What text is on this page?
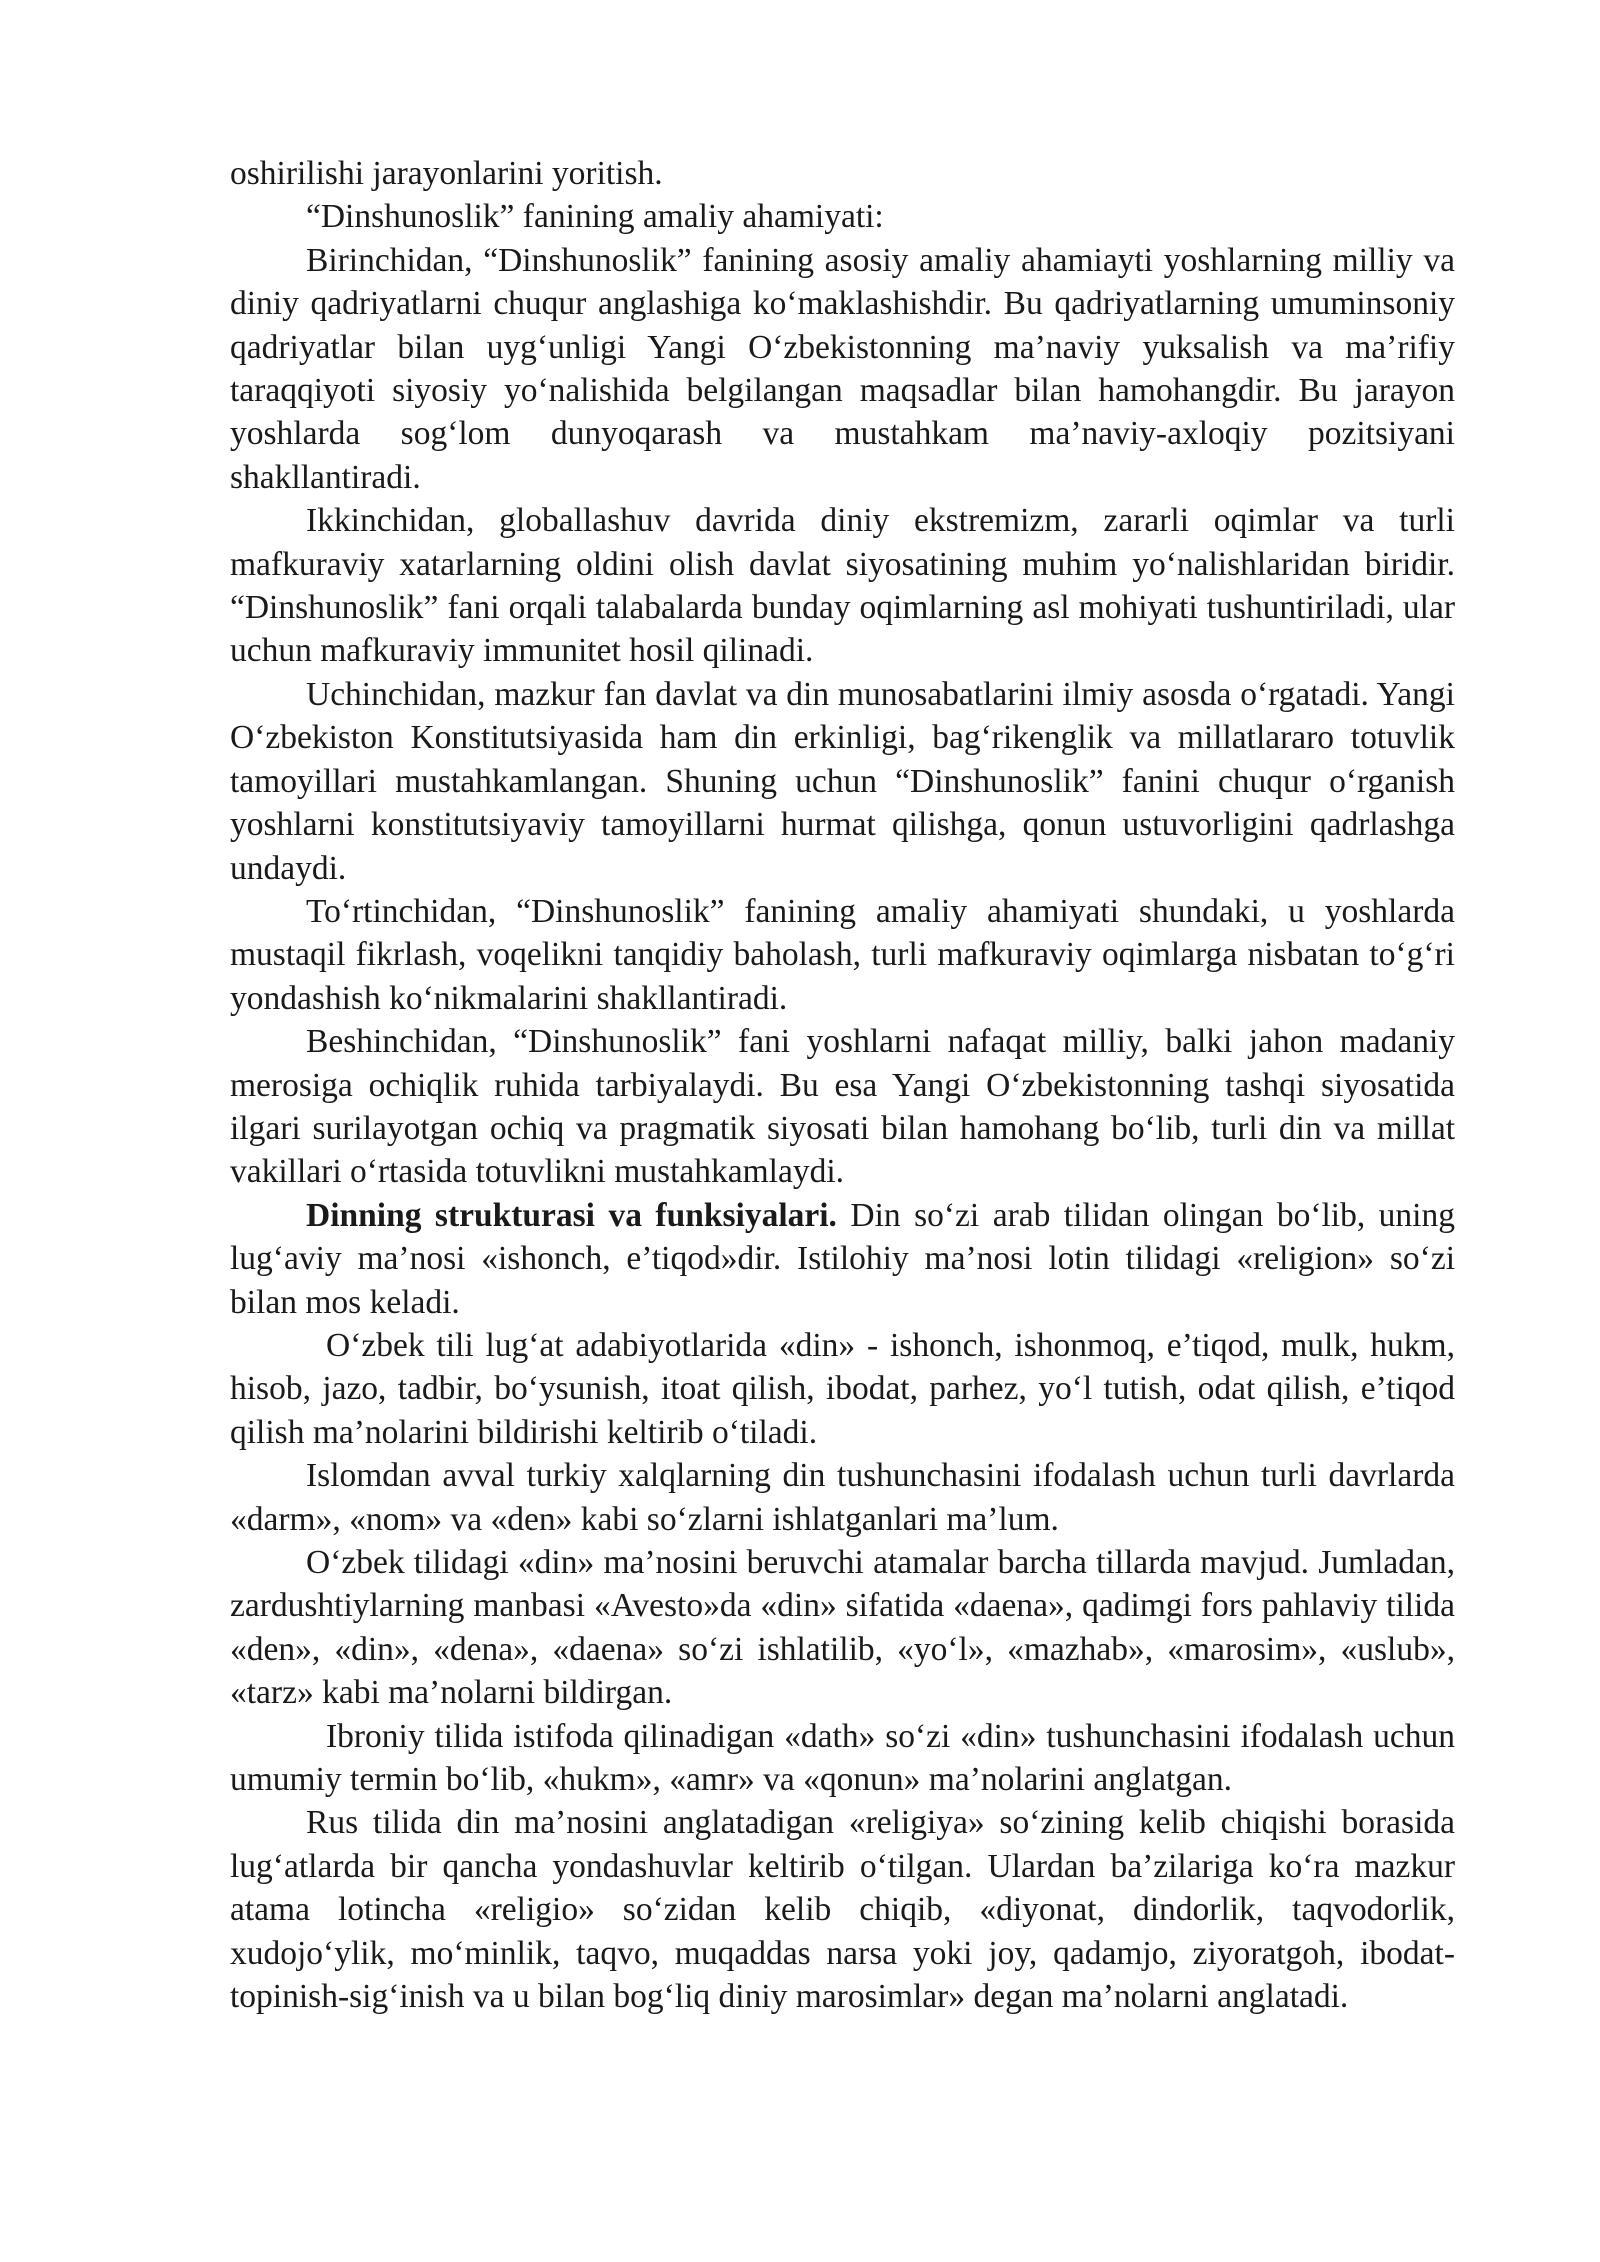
oshirilishi jarayonlarini yoritish.

“Dinshunoslik” fanining amaliy ahamiyati:

Birinchidan, “Dinshunoslik” fanining asosiy amaliy ahamiayti yoshlarning milliy va diniy qadriyatlarni chuqur anglashiga ko‘maklashishdir. Bu qadriyatlarning umuminsoniy qadriyatlar bilan uyg‘unligi Yangi O‘zbekistonning ma’naviy yuksalish va ma’rifiy taraqqiyoti siyosiy yo‘nalishida belgilangan maqsadlar bilan hamohangdir. Bu jarayon yoshlarda sog‘lom dunyoqarash va mustahkam ma’naviy-axloqiy pozitsiyani shakllantiradi.

Ikkinchidan, globallashuv davrida diniy ekstremizm, zararli oqimlar va turli mafkuraviy xatarlarning oldini olish davlat siyosatining muhim yo‘nalishlaridan biridir. “Dinshunoslik” fani orqali talabalarda bunday oqimlarning asl mohiyati tushuntiriladi, ular uchun mafkuraviy immunitet hosil qilinadi.

Uchinchidan, mazkur fan davlat va din munosabatlarini ilmiy asosda o‘rgatadi. Yangi O‘zbekiston Konstitutsiyasida ham din erkinligi, bag‘rikenglik va millatlararo totuvlik tamoyillari mustahkamlangan. Shuning uchun “Dinshunoslik” fanini chuqur o‘rganish yoshlarni konstitutsiyaviy tamoyillarni hurmat qilishga, qonun ustuvorligini qadrlashga undaydi.

To‘rtinchidan, “Dinshunoslik” fanining amaliy ahamiyati shundaki, u yoshlarda mustaqil fikrlash, voqelikni tanqidiy baholash, turli mafkuraviy oqimlarga nisbatan to‘g‘ri yondashish ko‘nikmalarini shakllantiradi.

Beshinchidan, “Dinshunoslik” fani yoshlarni nafaqat milliy, balki jahon madaniy merosiga ochiqlik ruhida tarbiyalaydi. Bu esa Yangi O‘zbekistonning tashqi siyosatida ilgari surilayotgan ochiq va pragmatik siyosati bilan hamohang bo‘lib, turli din va millat vakillari o‘rtasida totuvlikni mustahkamlaydi.

Dinning strukturasi va funksiyalari. Din so‘zi arab tilidan olingan bo‘lib, uning lug‘aviy ma’nosi «ishonch, e’tiqod»dir. Istilohiy ma’nosi lotin tilidagi «religion» so‘zi bilan mos keladi.

O‘zbek tili lug‘at adabiyotlarida «din» - ishonch, ishonmoq, e’tiqod, mulk, hukm, hisob, jazo, tadbir, bo‘ysunish, itoat qilish, ibodat, parhez, yo‘l tutish, odat qilish, e’tiqod qilish ma’nolarini bildirishi keltirib o‘tiladi.

Islomdan avval turkiy xalqlarning din tushunchasini ifodalash uchun turli davrlarda «darm», «nom» va «den» kabi so‘zlarni ishlatganlari ma’lum.

O‘zbek tilidagi «din» ma’nosini beruvchi atamalar barcha tillarda mavjud. Jumladan, zardushtiylarning manbasi «Avesto»da «din» sifatida «daena», qadimgi fors pahlaviy tilida «den», «din», «dena», «daena» so‘zi ishlatilib, «yo‘l», «mazhab», «marosim», «uslub», «tarz» kabi ma’nolarni bildirgan.

Ibroniy tilida istifoda qilinadigan «dath» so‘zi «din» tushunchasini ifodalash uchun umumiy termin bo‘lib, «hukm», «amr» va «qonun» ma’nolarini anglatgan.

Rus tilida din ma’nosini anglatadigan «religiya» so‘zining kelib chiqishi borasida lug‘atlarda bir qancha yondashuvlar keltirib o‘tilgan. Ulardan ba’zilariga ko‘ra mazkur atama lotincha «religio» so‘zidan kelib chiqib, «diyonat, dindorlik, taqvodorlik, xudojo‘ylik, mo‘minlik, taqvo, muqaddas narsa yoki joy, qadamjo, ziyoratgoh, ibodat-topinish-sig‘inish va u bilan bog‘liq diniy marosimlar» degan ma’nolarni anglatadi.
